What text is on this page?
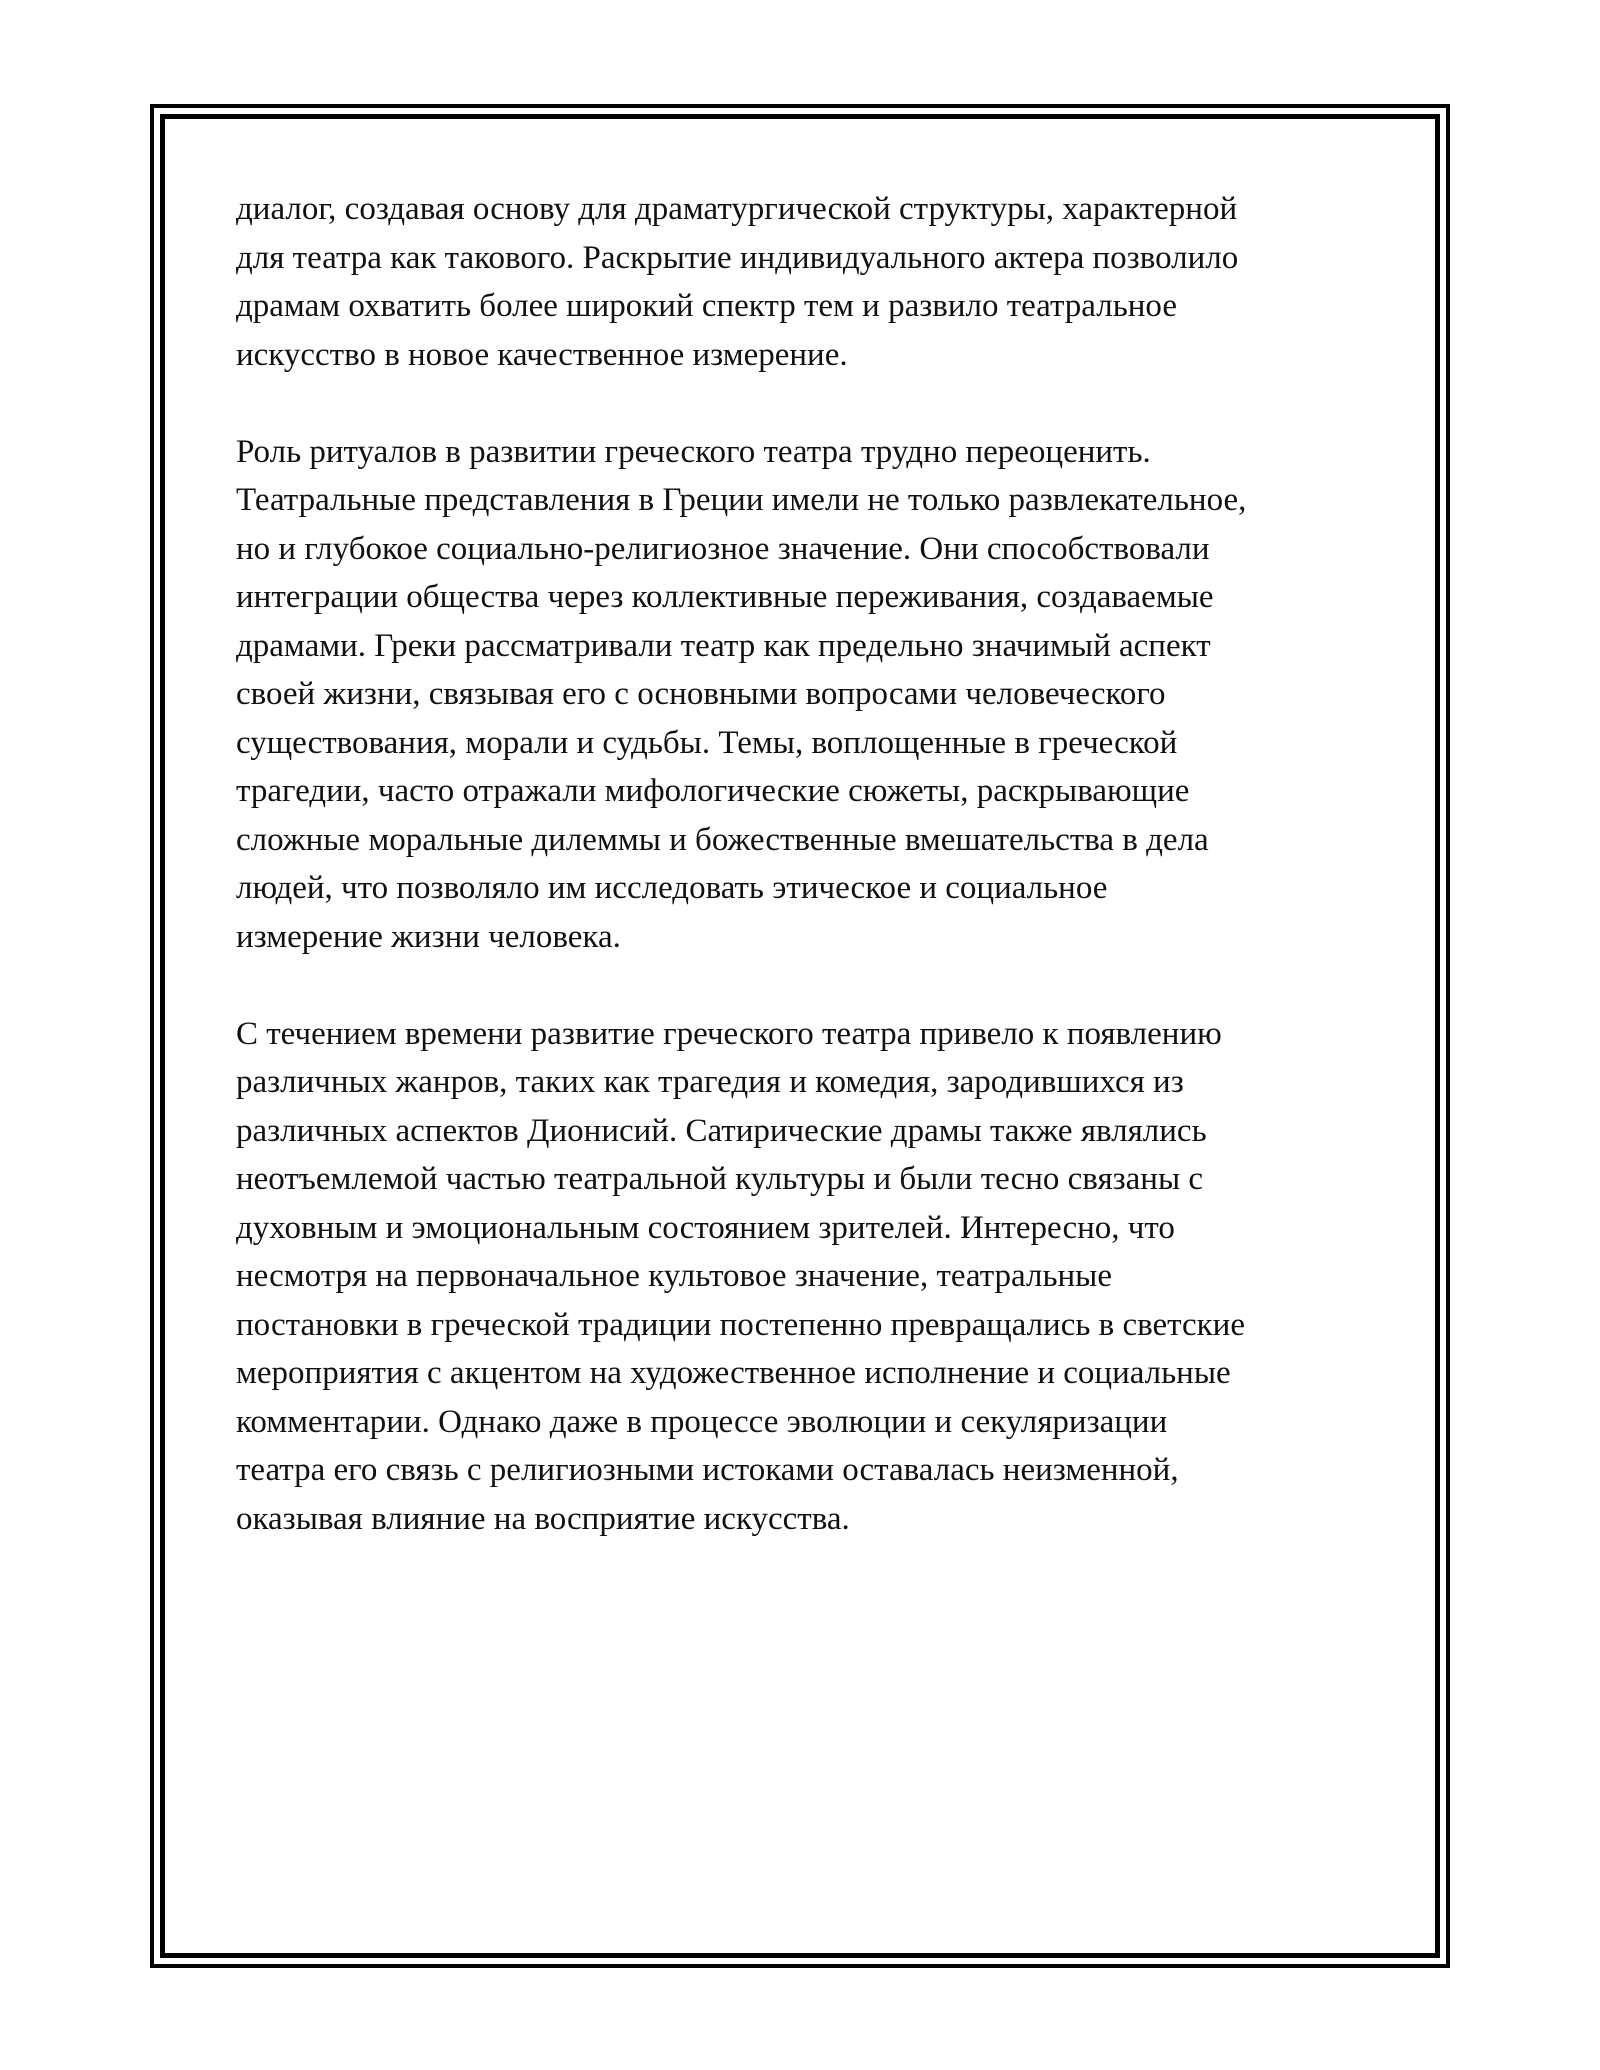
диалог, создавая основу для драматургической структуры, характерной
для театра как такового. Раскрытие индивидуального актера позволило
драмам охватить более широкий спектр тем и развило театральное
искусство в новое качественное измерение.

Роль ритуалов в развитии греческого театра трудно переоценить.
Театральные представления в Греции имели не только развлекательное,
но и глубокое социально-религиозное значение. Они способствовали
интеграции общества через коллективные переживания, создаваемые
драмами. Греки рассматривали театр как предельно значимый аспект
своей жизни, связывая его с основными вопросами человеческого
существования, морали и судьбы. Темы, воплощенные в греческой
трагедии, часто отражали мифологические сюжеты, раскрывающие
сложные моральные дилеммы и божественные вмешательства в дела
людей, что позволяло им исследовать этическое и социальное
измерение жизни человека.

С течением времени развитие греческого театра привело к появлению
различных жанров, таких как трагедия и комедия, зародившихся из
различных аспектов Дионисий. Сатирические драмы также являлись
неотъемлемой частью театральной культуры и были тесно связаны с
духовным и эмоциональным состоянием зрителей. Интересно, что
несмотря на первоначальное культовое значение, театральные
постановки в греческой традиции постепенно превращались в светские
мероприятия с акцентом на художественное исполнение и социальные
комментарии. Однако даже в процессе эволюции и секуляризации
театра его связь с религиозными истоками оставалась неизменной,
оказывая влияние на восприятие искусства.
